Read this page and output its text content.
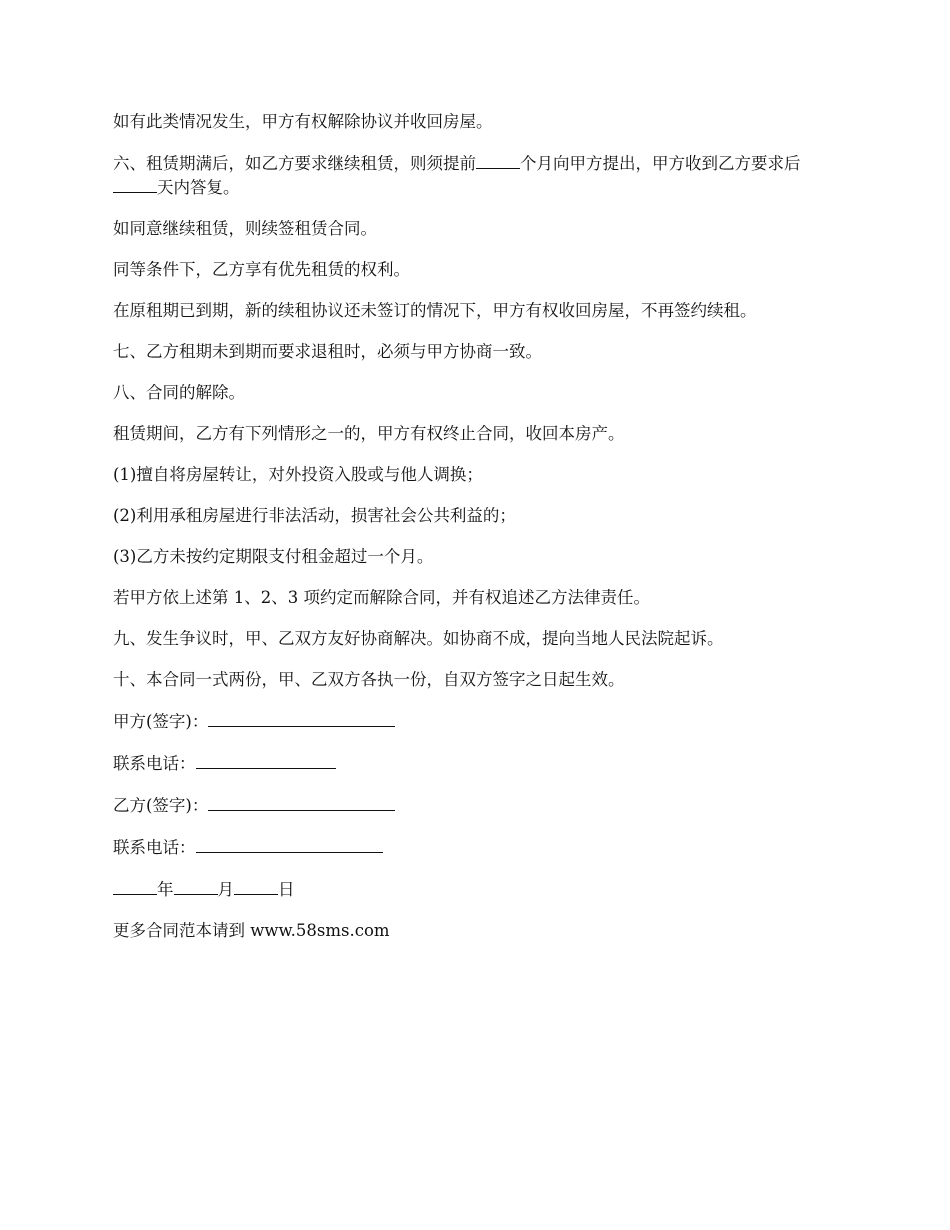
如有此类情况发生，甲方有权解除协议并收回房屋。

六、租赁期满后，如乙方要求继续租赁，则须提前	个月向甲方提出，甲方收到乙方要求后天内答复。

如同意继续租赁，则续签租赁合同。

同等条件下，乙方享有优先租赁的权利。

在原租期已到期，新的续租协议还未签订的情况下，甲方有权收回房屋，不再签约续租。

七、乙方租期未到期而要求退租时，必须与甲方协商一致。

八、合同的解除。

租赁期间，乙方有下列情形之一的，甲方有权终止合同，收回本房产。

(1)擅自将房屋转让，对外投资入股或与他人调换；

(2)利用承租房屋进行非法活动，损害社会公共利益的；

(3)乙方未按约定期限支付租金超过一个月。

若甲方依上述第 1、2、3 项约定而解除合同，并有权追述乙方法律责任。

九、发生争议时，甲、乙双方友好协商解决。如协商不成，提向当地人民法院起诉。

十、本合同一式两份，甲、乙双方各执一份，自双方签字之日起生效。

甲方(签字)：
联系电话：
乙方(签字)：
联系电话：
年	月	日

更多合同范本请到 www.58sms.com
